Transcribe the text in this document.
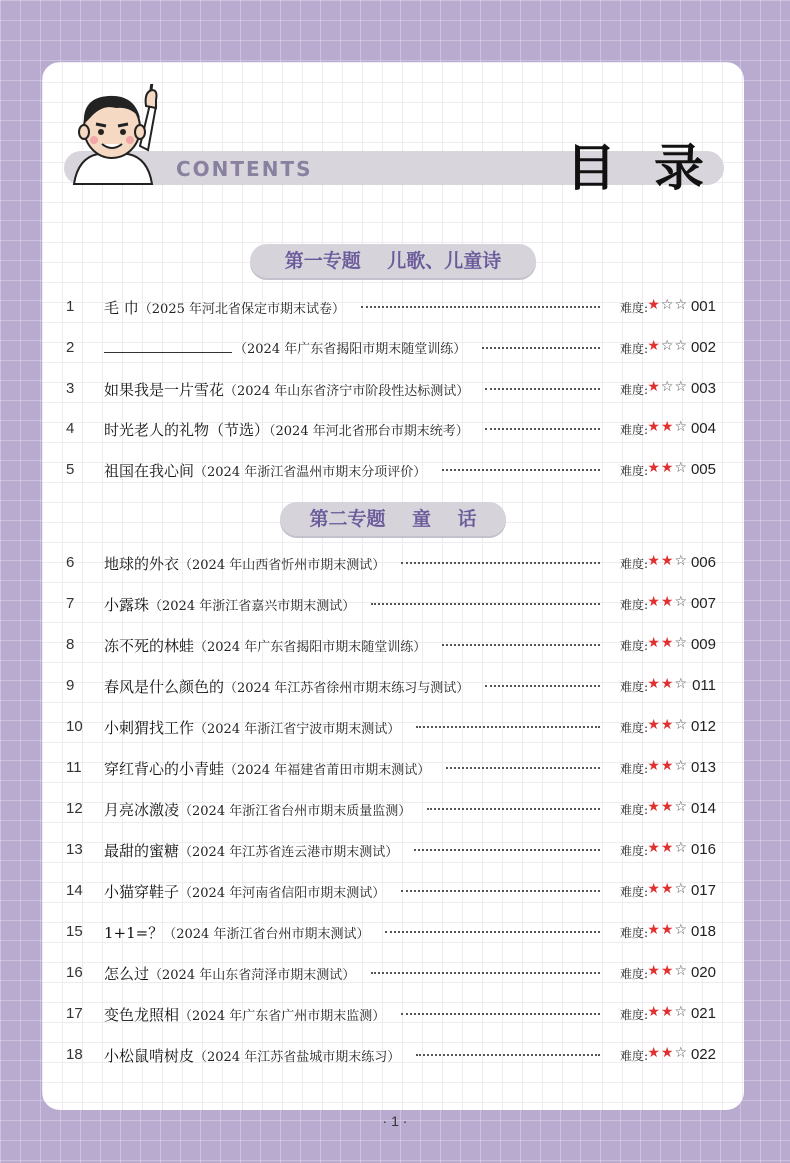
CONTENTS	目录
第一专题    儿歌、儿童诗
第二专题    童    话
1	毛 巾（2025 年河北省保定市期末试卷）	难度: ★☆☆ 001
2	（2024 年广东省揭阳市期末随堂训练）	难度: ★☆☆ 002
3	如果我是一片雪花（2024 年山东省济宁市阶段性达标测试）	难度: ★☆☆ 003
4	时光老人的礼物（节选）（2024 年河北省邢台市期末统考）	难度: ★★☆ 004
5	祖国在我心间（2024 年浙江省温州市期末分项评价）	难度: ★★☆ 005
6	地球的外衣（2024 年山西省忻州市期末测试）	难度: ★★☆ 006
7	小露珠（2024 年浙江省嘉兴市期末测试）	难度: ★★☆ 007
8	冻不死的林蛙（2024 年广东省揭阳市期末随堂训练）	难度: ★★☆ 009
9	春风是什么颜色的（2024 年江苏省徐州市期末练习与测试）	难度: ★★☆ 011
10 小刺猬找工作（2024 年浙江省宁波市期末测试）	难度: ★★☆ 012
11 穿红背心的小青蛙（2024 年福建省莆田市期末测试）	难度: ★★☆ 013
12 月亮冰激凌（2024 年浙江省台州市期末质量监测）	难度: ★★☆ 014
13 最甜的蜜糖（2024 年江苏省连云港市期末测试）	难度: ★★☆ 016
14 小猫穿鞋子（2024 年河南省信阳市期末测试）	难度: ★★☆ 017
15 1+1=？（2024 年浙江省台州市期末测试）	难度: ★★☆ 018
16 怎么过（2024 年山东省菏泽市期末测试）	难度: ★★☆ 020
17 变色龙照相（2024 年广东省广州市期末监测）	难度: ★★☆ 021
18 小松鼠啃树皮（2024 年江苏省盐城市期末练习）	难度: ★★☆ 022
· 1 ·
